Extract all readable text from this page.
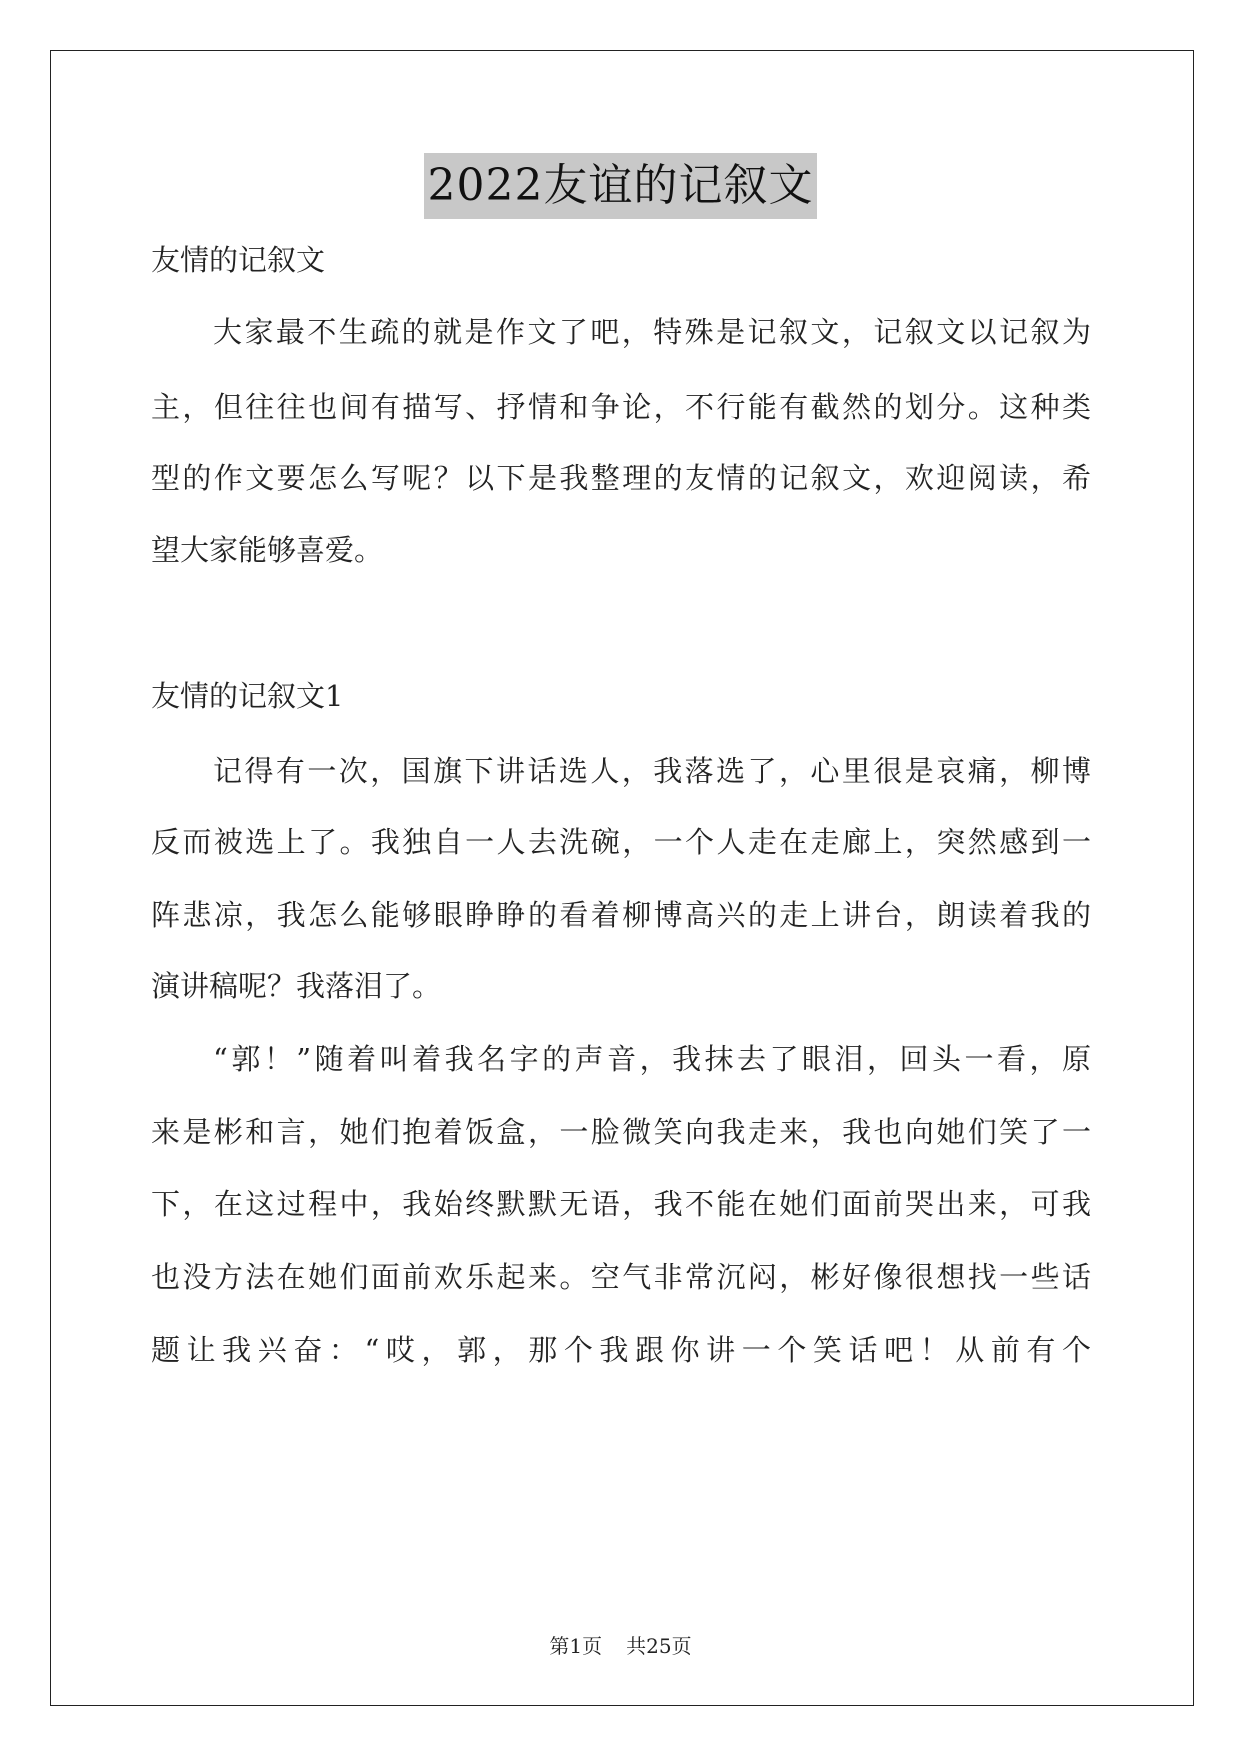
2022友谊的记叙文
友情的记叙文
大家最不生疏的就是作文了吧，特殊是记叙文，记叙文以记叙为
主，但往往也间有描写、抒情和争论，不行能有截然的划分。这种类
型的作文要怎么写呢？以下是我整理的友情的记叙文，欢迎阅读，希
望大家能够喜爱。
友情的记叙文1
记得有一次，国旗下讲话选人，我落选了，心里很是哀痛，柳博
反而被选上了。我独自一人去洗碗，一个人走在走廊上，突然感到一
阵悲凉，我怎么能够眼睁睁的看着柳博高兴的走上讲台，朗读着我的
演讲稿呢？我落泪了。
“郭！”随着叫着我名字的声音，我抹去了眼泪，回头一看，原
来是彬和言，她们抱着饭盒，一脸微笑向我走来，我也向她们笑了一
下，在这过程中，我始终默默无语，我不能在她们面前哭出来，可我
也没方法在她们面前欢乐起来。空气非常沉闷，彬好像很想找一些话
题让我兴奋：“哎，郭，那个我跟你讲一个笑话吧！从前有个
第1页 共25页
